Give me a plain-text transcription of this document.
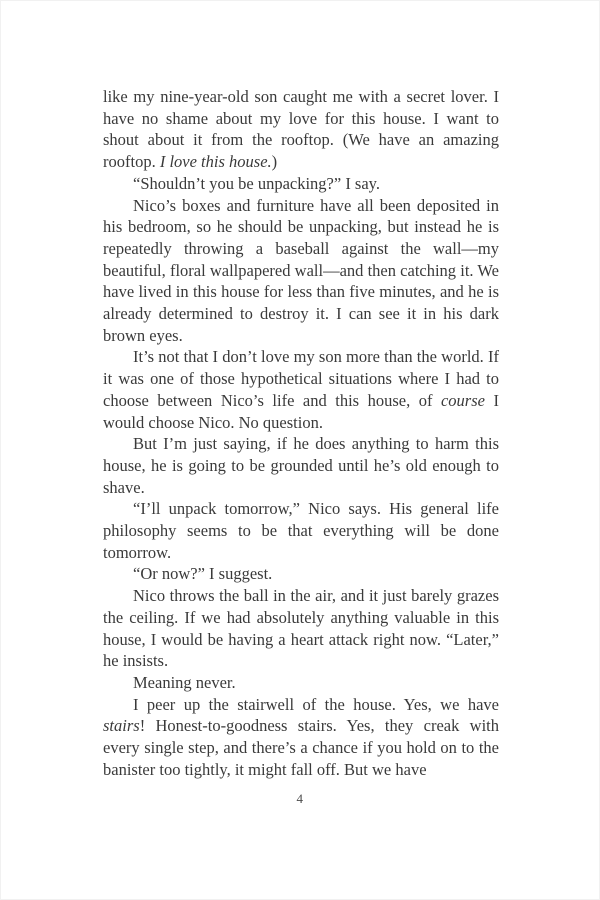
like my nine-year-old son caught me with a secret lover. I have no shame about my love for this house. I want to shout about it from the rooftop. (We have an amazing rooftop. I love this house.)

“Shouldn’t you be unpacking?” I say.

Nico’s boxes and furniture have all been deposited in his bedroom, so he should be unpacking, but instead he is repeatedly throwing a baseball against the wall—my beautiful, floral wallpapered wall—and then catching it. We have lived in this house for less than five minutes, and he is already determined to destroy it. I can see it in his dark brown eyes.

It’s not that I don’t love my son more than the world. If it was one of those hypothetical situations where I had to choose between Nico’s life and this house, of course I would choose Nico. No question.

But I’m just saying, if he does anything to harm this house, he is going to be grounded until he’s old enough to shave.

“I’ll unpack tomorrow,” Nico says. His general life philosophy seems to be that everything will be done tomorrow.

“Or now?” I suggest.

Nico throws the ball in the air, and it just barely grazes the ceiling. If we had absolutely anything valuable in this house, I would be having a heart attack right now. “Later,” he insists.

Meaning never.

I peer up the stairwell of the house. Yes, we have stairs! Honest-to-goodness stairs. Yes, they creak with every single step, and there’s a chance if you hold on to the banister too tightly, it might fall off. But we have

4
